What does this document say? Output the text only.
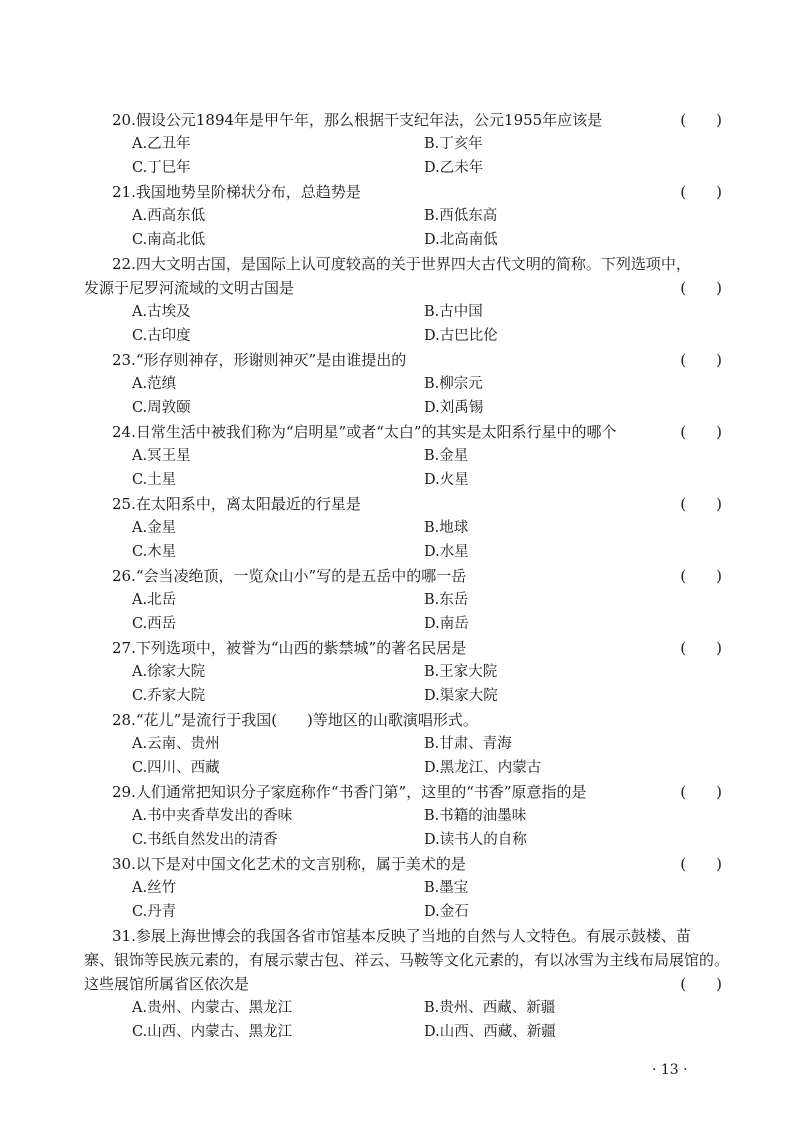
20.假设公元1894年是甲午年，那么根据干支纪年法，公元1955年应该是	(　　)
A.乙丑年	B.丁亥年
C.丁巳年	D.乙未年
21.我国地势呈阶梯状分布，总趋势是	(　　)
A.西高东低	B.西低东高
C.南高北低	D.北高南低
22.四大文明古国，是国际上认可度较高的关于世界四大古代文明的简称。下列选项中，
发源于尼罗河流域的文明古国是	(　　)
A.古埃及	B.古中国
C.古印度	D.古巴比伦
23.“形存则神存，形谢则神灭”是由谁提出的	(　　)
A.范缜	B.柳宗元
C.周敦颐	D.刘禹锡
24.日常生活中被我们称为“启明星”或者“太白”的其实是太阳系行星中的哪个	(　　)
A.冥王星	B.金星
C.土星	D.火星
25.在太阳系中，离太阳最近的行星是	(　　)
A.金星	B.地球
C.木星	D.水星
26.“会当凌绝顶，一览众山小”写的是五岳中的哪一岳	(　　)
A.北岳	B.东岳
C.西岳	D.南岳
27.下列选项中，被誉为“山西的紫禁城”的著名民居是	(　　)
A.徐家大院	B.王家大院
C.乔家大院	D.渠家大院
28.“花儿”是流行于我国(　　)等地区的山歌演唱形式。
A.云南、贵州	B.甘肃、青海
C.四川、西藏	D.黑龙江、内蒙古
29.人们通常把知识分子家庭称作“书香门第”，这里的“书香”原意指的是	(　　)
A.书中夹香草发出的香味	B.书籍的油墨味
C.书纸自然发出的清香	D.读书人的自称
30.以下是对中国文化艺术的文言别称，属于美术的是	(　　)
A.丝竹	B.墨宝
C.丹青	D.金石
31.参展上海世博会的我国各省市馆基本反映了当地的自然与人文特色。有展示鼓楼、苗
寨、银饰等民族元素的，有展示蒙古包、祥云、马鞍等文化元素的，有以冰雪为主线布局展馆的。
这些展馆所属省区依次是	(　　)
A.贵州、内蒙古、黑龙江	B.贵州、西藏、新疆
C.山西、内蒙古、黑龙江	D.山西、西藏、新疆
· 13 ·
